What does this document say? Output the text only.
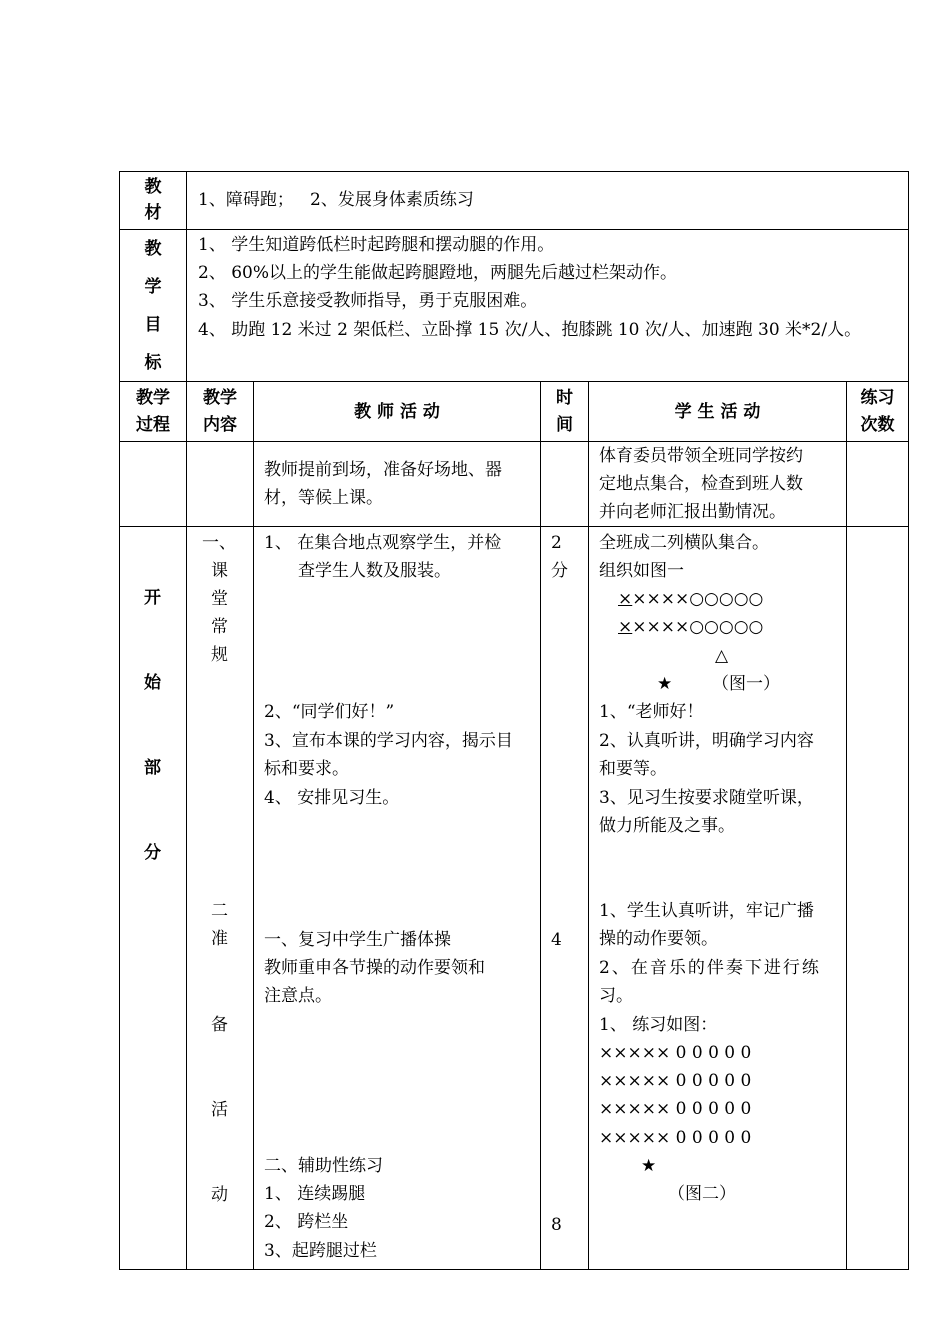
教
材
1、障碍跑；   2、发展身体素质练习
教
学
目
标
1、 学生知道跨低栏时起跨腿和摆动腿的作用。
2、 60%以上的学生能做起跨腿蹬地，两腿先后越过栏架动作。
3、 学生乐意接受教师指导，勇于克服困难。
4、 助跑 12 米过 2 架低栏、立卧撑 15 次/人、抱膝跳 10 次/人、加速跑 30 米*2/人。
教学
过程
教学
内容
教 师 活 动
时
间
学 生 活 动
练习
次数
教师提前到场，准备好场地、器
材，等候上课。
体育委员带领全班同学按约
定地点集合，检查到班人数
并向老师汇报出勤情况。
开
始
部
分
一、
课
堂
常
规
二
准
备
活
动
1、 在集合地点观察学生，并检
查学生人数及服装。
2、“同学们好！”
3、宣布本课的学习内容，揭示目
标和要求。
4、 安排见习生。
一、复习中学生广播体操
教师重申各节操的动作要领和
注意点。
二、辅助性练习
1、 连续踢腿
2、 跨栏坐
3、起跨腿过栏
2
分
4
8
全班成二列横队集合。
组织如图一
×××××○○○○○
×××××○○○○○
△
★ （图一）
1、“老师好！
2、认真听讲，明确学习内容
和要等。
3、见习生按要求随堂听课，
做力所能及之事。
1、学生认真听讲，牢记广播
操的动作要领。
2、在音乐的伴奏下进行练
习。
1、 练习如图：
××××× 0 0 0 0 0
××××× 0 0 0 0 0
××××× 0 0 0 0 0
××××× 0 0 0 0 0
★
（图二）
